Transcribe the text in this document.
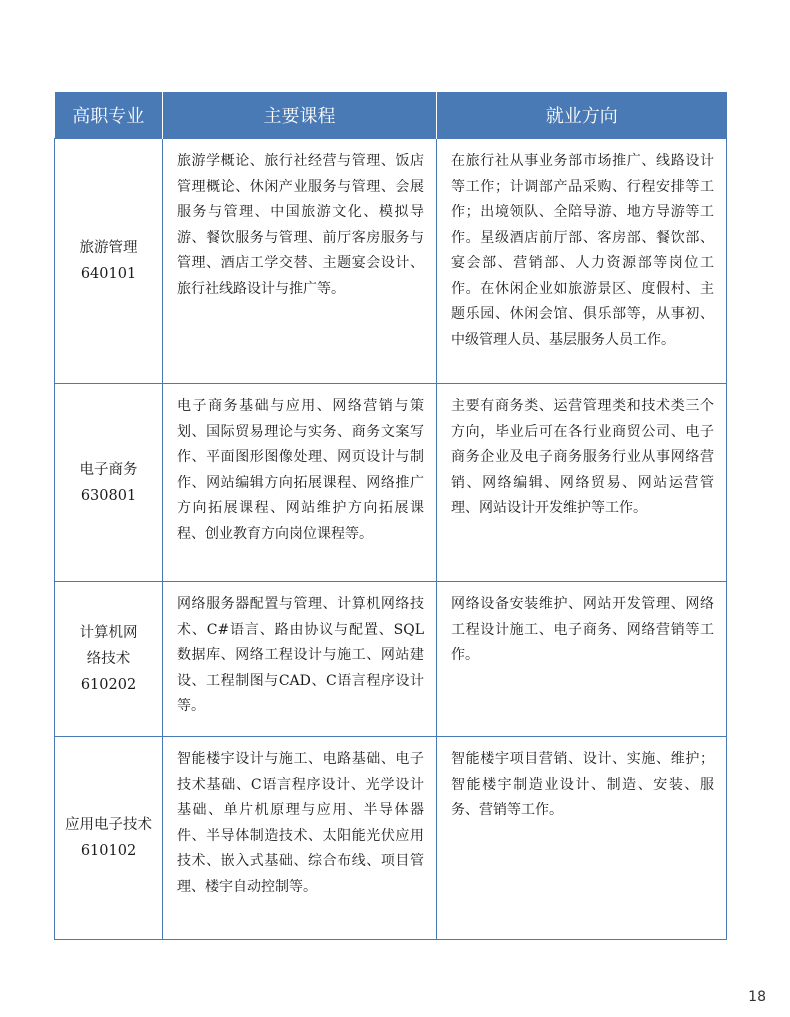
高职专业	主要课程	就业方向

旅游管理
640101	旅游学概论、旅行社经营与管理、饭店管理概论、休闲产业服务与管理、会展服务与管理、中国旅游文化、模拟导游、餐饮服务与管理、前厅客房服务与管理、酒店工学交替、主题宴会设计、旅行社线路设计与推广等。	在旅行社从事业务部市场推广、线路设计等工作；计调部产品采购、行程安排等工作；出境领队、全陪导游、地方导游等工作。星级酒店前厅部、客房部、餐饮部、宴会部、营销部、人力资源部等岗位工作。在休闲企业如旅游景区、度假村、主题乐园、休闲会馆、俱乐部等，从事初、中级管理人员、基层服务人员工作。

电子商务
630801	电子商务基础与应用、网络营销与策划、国际贸易理论与实务、商务文案写作、平面图形图像处理、网页设计与制作、网站编辑方向拓展课程、网络推广方向拓展课程、网站维护方向拓展课程、创业教育方向岗位课程等。	主要有商务类、运营管理类和技术类三个方向，毕业后可在各行业商贸公司、电子商务企业及电子商务服务行业从事网络营销、网络编辑、网络贸易、网站运营管理、网站设计开发维护等工作。

计算机网络技术
610202	网络服务器配置与管理、计算机网络技术、C#语言、路由协议与配置、SQL数据库、网络工程设计与施工、网站建设、工程制图与CAD、C语言程序设计等。	网络设备安装维护、网站开发管理、网络工程设计施工、电子商务、网络营销等工作。

应用电子技术
610102	智能楼宇设计与施工、电路基础、电子技术基础、C语言程序设计、光学设计基础、单片机原理与应用、半导体器件、半导体制造技术、太阳能光伏应用技术、嵌入式基础、综合布线、项目管理、楼宇自动控制等。	智能楼宇项目营销、设计、实施、维护；智能楼宇制造业设计、制造、安装、服务、营销等工作。
18
